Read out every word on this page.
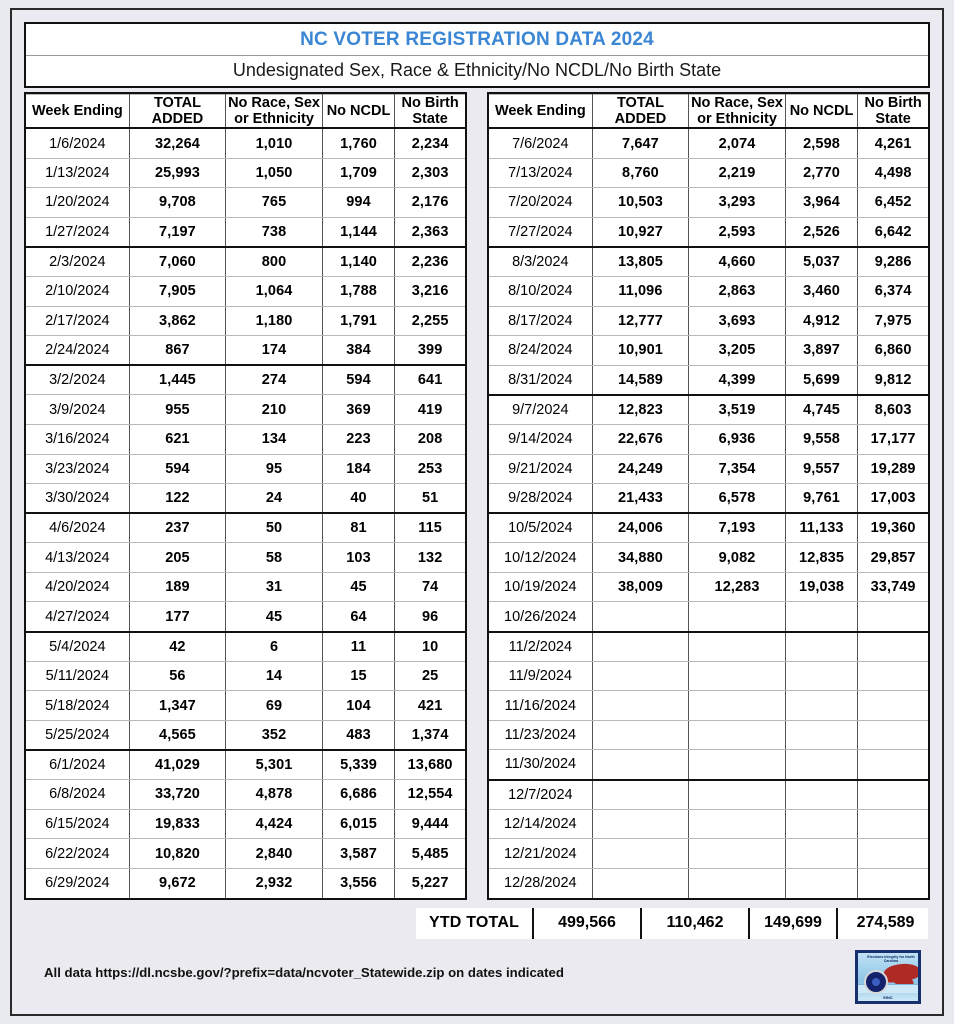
NC VOTER REGISTRATION DATA 2024
Undesignated Sex, Race & Ethnicity/No NCDL/No Birth State
Week Ending	TOTAL ADDED	No Race, Sex or Ethnicity	No NCDL	No Birth State
1/6/2024	32,264	1,010	1,760	2,234
1/13/2024	25,993	1,050	1,709	2,303
1/20/2024	9,708	765	994	2,176
1/27/2024	7,197	738	1,144	2,363
2/3/2024	7,060	800	1,140	2,236
2/10/2024	7,905	1,064	1,788	3,216
2/17/2024	3,862	1,180	1,791	2,255
2/24/2024	867	174	384	399
3/2/2024	1,445	274	594	641
3/9/2024	955	210	369	419
3/16/2024	621	134	223	208
3/23/2024	594	95	184	253
3/30/2024	122	24	40	51
4/6/2024	237	50	81	115
4/13/2024	205	58	103	132
4/20/2024	189	31	45	74
4/27/2024	177	45	64	96
5/4/2024	42	6	11	10
5/11/2024	56	14	15	25
5/18/2024	1,347	69	104	421
5/25/2024	4,565	352	483	1,374
6/1/2024	41,029	5,301	5,339	13,680
6/8/2024	33,720	4,878	6,686	12,554
6/15/2024	19,833	4,424	6,015	9,444
6/22/2024	10,820	2,840	3,587	5,485
6/29/2024	9,672	2,932	3,556	5,227
Week Ending	TOTAL ADDED	No Race, Sex or Ethnicity	No NCDL	No Birth State
7/6/2024	7,647	2,074	2,598	4,261
7/13/2024	8,760	2,219	2,770	4,498
7/20/2024	10,503	3,293	3,964	6,452
7/27/2024	10,927	2,593	2,526	6,642
8/3/2024	13,805	4,660	5,037	9,286
8/10/2024	11,096	2,863	3,460	6,374
8/17/2024	12,777	3,693	4,912	7,975
8/24/2024	10,901	3,205	3,897	6,860
8/31/2024	14,589	4,399	5,699	9,812
9/7/2024	12,823	3,519	4,745	8,603
9/14/2024	22,676	6,936	9,558	17,177
9/21/2024	24,249	7,354	9,557	19,289
9/28/2024	21,433	6,578	9,761	17,003
10/5/2024	24,006	7,193	11,133	19,360
10/12/2024	34,880	9,082	12,835	29,857
10/19/2024	38,009	12,283	19,038	33,749
10/26/2024				
11/2/2024				
11/9/2024				
11/16/2024				
11/23/2024				
11/30/2024				
12/7/2024				
12/14/2024				
12/21/2024				
12/28/2024				
YTD TOTAL	499,566	110,462	149,699	274,589
All data https://dl.ncsbe.gov/?prefix=data/ncvoter_Statewide.zip on dates indicated
Elections Integrity for North Carolina
EINC
